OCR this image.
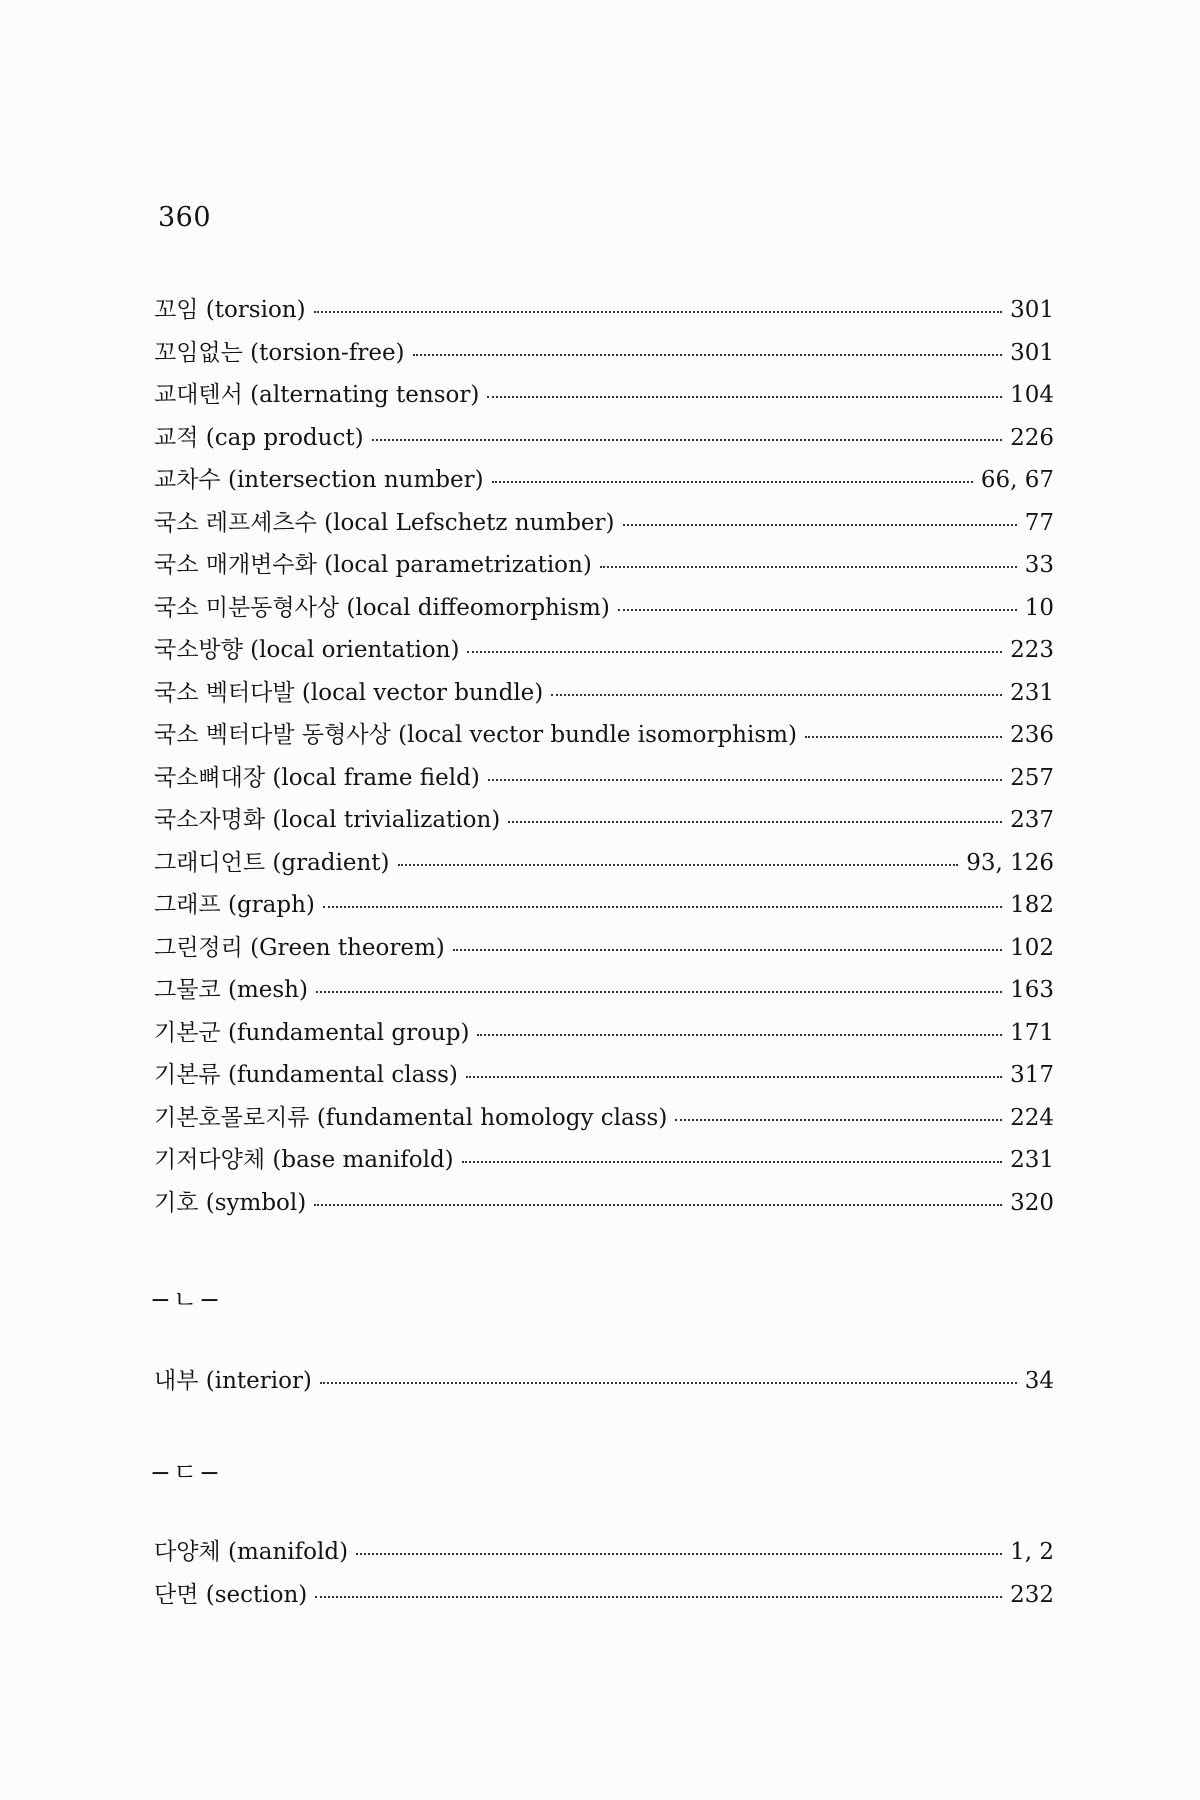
360
꼬임 (torsion)	301
꼬임없는 (torsion-free)	301
교대텐서 (alternating tensor)	104
교적 (cap product)	226
교차수 (intersection number)	66, 67
국소 레프셰츠수 (local Lefschetz number)	77
국소 매개변수화 (local parametrization)	33
국소 미분동형사상 (local diffeomorphism)	10
국소방향 (local orientation)	223
국소 벡터다발 (local vector bundle)	231
국소 벡터다발 동형사상 (local vector bundle isomorphism)	236
국소뼈대장 (local frame field)	257
국소자명화 (local trivialization)	237
그래디언트 (gradient)	93, 126
그래프 (graph)	182
그린정리 (Green theorem)	102
그물코 (mesh)	163
기본군 (fundamental group)	171
기본류 (fundamental class)	317
기본호몰로지류 (fundamental homology class)	224
기저다양체 (base manifold)	231
기호 (symbol)	320
−ㄴ−
내부 (interior)	34
−ㄷ−
다양체 (manifold)	1, 2
단면 (section)	232
